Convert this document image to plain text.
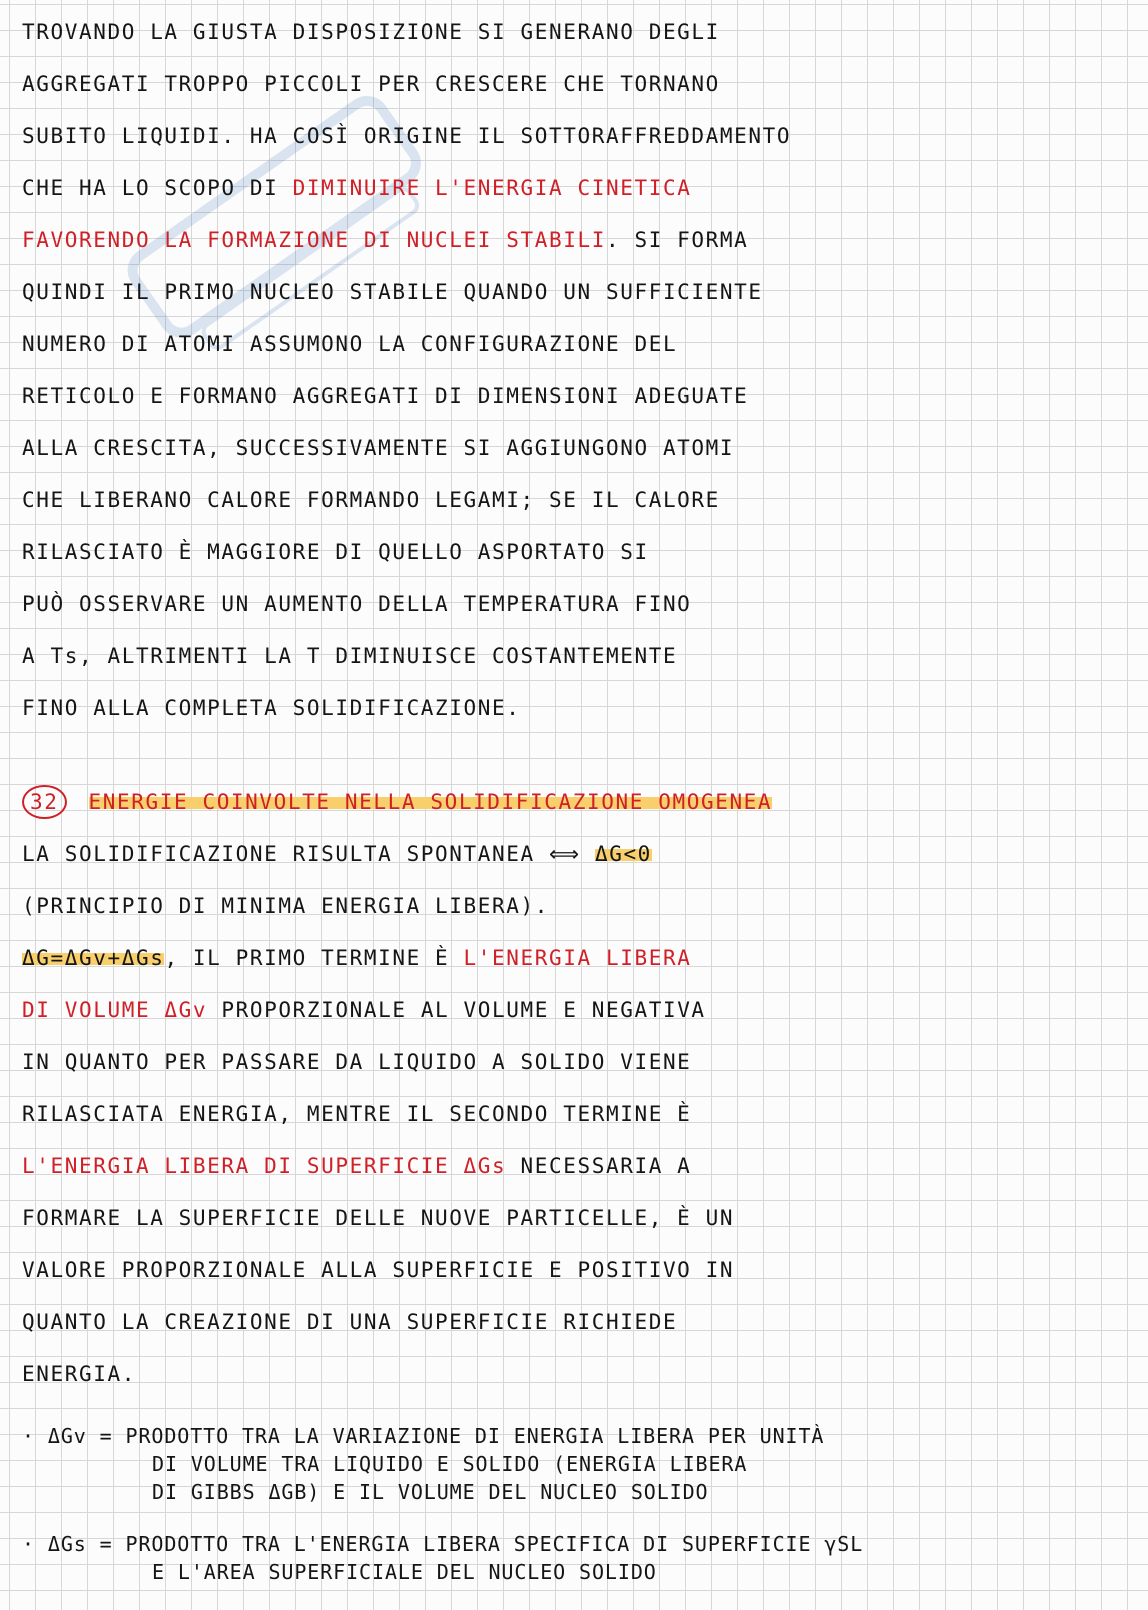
TROVANDO LA GIUSTA DISPOSIZIONE SI GENERANO DEGLI
AGGREGATI TROPPO PICCOLI PER CRESCERE CHE TORNANO
SUBITO LIQUIDI. HA COSÌ ORIGINE IL SOTTORAFFREDDAMENTO
CHE HA LO SCOPO DI DIMINUIRE L'ENERGIA CINETICA
FAVORENDO LA FORMAZIONE DI NUCLEI STABILI. SI FORMA
QUINDI IL PRIMO NUCLEO STABILE QUANDO UN SUFFICIENTE
NUMERO DI ATOMI ASSUMONO LA CONFIGURAZIONE DEL
RETICOLO E FORMANO AGGREGATI DI DIMENSIONI ADEGUATE
ALLA CRESCITA, SUCCESSIVAMENTE SI AGGIUNGONO ATOMI
CHE LIBERANO CALORE FORMANDO LEGAMI; SE IL CALORE
RILASCIATO È MAGGIORE DI QUELLO ASPORTATO SI
PUÒ OSSERVARE UN AUMENTO DELLA TEMPERATURA FINO
A Ts, ALTRIMENTI LA T DIMINUISCE COSTANTEMENTE
FINO ALLA COMPLETA SOLIDIFICAZIONE.
32 ENERGIE COINVOLTE NELLA SOLIDIFICAZIONE OMOGENEA
LA SOLIDIFICAZIONE RISULTA SPONTANEA ⟺ ΔG<0
(PRINCIPIO DI MINIMA ENERGIA LIBERA).
ΔG=ΔGv+ΔGs, IL PRIMO TERMINE È L'ENERGIA LIBERA
DI VOLUME ΔGv PROPORZIONALE AL VOLUME E NEGATIVA
IN QUANTO PER PASSARE DA LIQUIDO A SOLIDO VIENE
RILASCIATA ENERGIA, MENTRE IL SECONDO TERMINE È
L'ENERGIA LIBERA DI SUPERFICIE ΔGs NECESSARIA A
FORMARE LA SUPERFICIE DELLE NUOVE PARTICELLE, È UN
VALORE PROPORZIONALE ALLA SUPERFICIE E POSITIVO IN
QUANTO LA CREAZIONE DI UNA SUPERFICIE RICHIEDE
ENERGIA.
· ΔGv = PRODOTTO TRA LA VARIAZIONE DI ENERGIA LIBERA PER UNITÀ
DI VOLUME TRA LIQUIDO E SOLIDO (ENERGIA LIBERA
DI GIBBS ΔGB) E IL VOLUME DEL NUCLEO SOLIDO
· ΔGs = PRODOTTO TRA L'ENERGIA LIBERA SPECIFICA DI SUPERFICIE γSL
E L'AREA SUPERFICIALE DEL NUCLEO SOLIDO
